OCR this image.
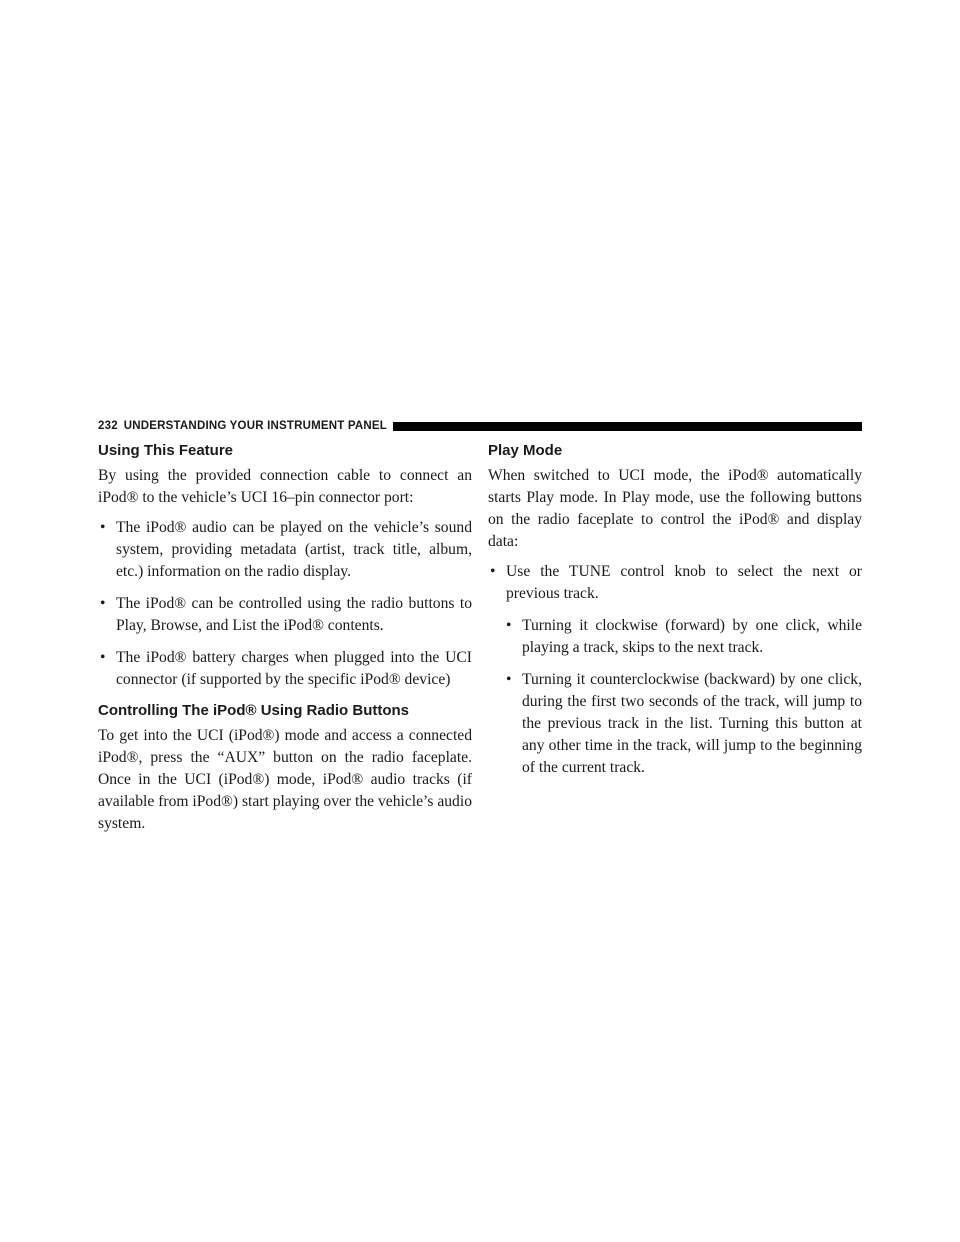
232 UNDERSTANDING YOUR INSTRUMENT PANEL
Using This Feature

By using the provided connection cable to connect an iPod® to the vehicle’s UCI 16–pin connector port:

• The iPod® audio can be played on the vehicle’s sound system, providing metadata (artist, track title, album, etc.) information on the radio display.
• The iPod® can be controlled using the radio buttons to Play, Browse, and List the iPod® contents.
• The iPod® battery charges when plugged into the UCI connector (if supported by the specific iPod® device)
Controlling The iPod® Using Radio Buttons

To get into the UCI (iPod®) mode and access a connected iPod®, press the “AUX” button on the radio faceplate. Once in the UCI (iPod®) mode, iPod® audio tracks (if available from iPod®) start playing over the vehicle’s audio system.

Play Mode

When switched to UCI mode, the iPod® automatically starts Play mode. In Play mode, use the following buttons on the radio faceplate to control the iPod® and display data:

• Use the TUNE control knob to select the next or previous track.
• Turning it clockwise (forward) by one click, while playing a track, skips to the next track.
• Turning it counterclockwise (backward) by one click, during the first two seconds of the track, will jump to the previous track in the list. Turning this button at any other time in the track, will jump to the beginning of the current track.
